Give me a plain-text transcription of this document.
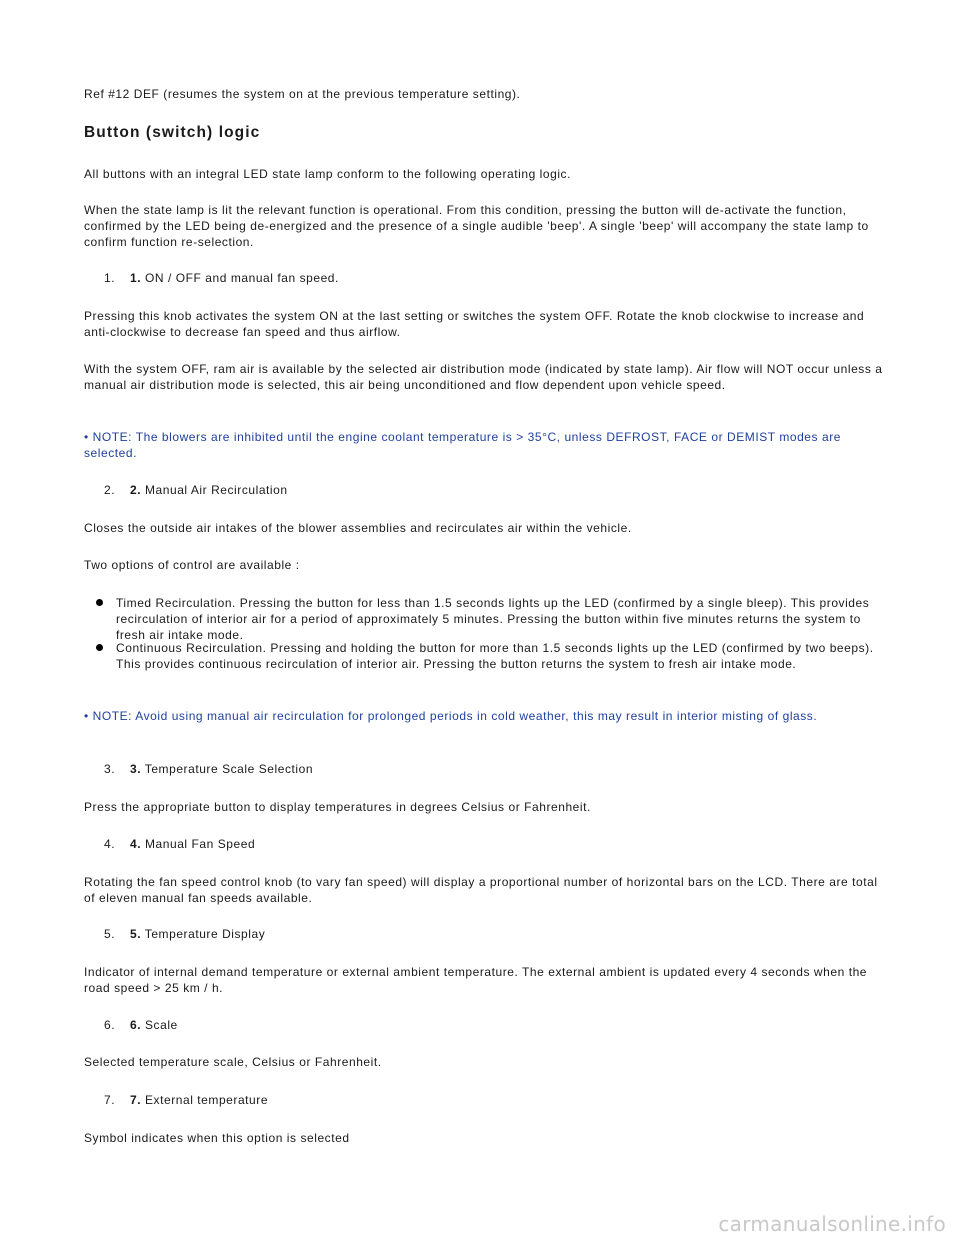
Ref #12 DEF (resumes the system on at the previous temperature setting).

Button (switch) logic

All buttons with an integral LED state lamp conform to the following operating logic.

When the state lamp is lit the relevant function is operational. From this condition, pressing the button will de-activate the function, confirmed by the LED being de-energized and the presence of a single audible 'beep'. A single 'beep' will accompany the state lamp to confirm function re-selection.

1. 1. ON / OFF and manual fan speed.

Pressing this knob activates the system ON at the last setting or switches the system OFF. Rotate the knob clockwise to increase and anti-clockwise to decrease fan speed and thus airflow.

With the system OFF, ram air is available by the selected air distribution mode (indicated by state lamp). Air flow will NOT occur unless a manual air distribution mode is selected, this air being unconditioned and flow dependent upon vehicle speed.

• NOTE: The blowers are inhibited until the engine coolant temperature is > 35°C, unless DEFROST, FACE or DEMIST modes are selected.

2. 2. Manual Air Recirculation

Closes the outside air intakes of the blower assemblies and recirculates air within the vehicle.

Two options of control are available :

Timed Recirculation. Pressing the button for less than 1.5 seconds lights up the LED (confirmed by a single bleep). This provides recirculation of interior air for a period of approximately 5 minutes. Pressing the button within five minutes returns the system to fresh air intake mode.
Continuous Recirculation. Pressing and holding the button for more than 1.5 seconds lights up the LED (confirmed by two beeps). This provides continuous recirculation of interior air. Pressing the button returns the system to fresh air intake mode.

• NOTE: Avoid using manual air recirculation for prolonged periods in cold weather, this may result in interior misting of glass.

3. 3. Temperature Scale Selection

Press the appropriate button to display temperatures in degrees Celsius or Fahrenheit.

4. 4. Manual Fan Speed

Rotating the fan speed control knob (to vary fan speed) will display a proportional number of horizontal bars on the LCD. There are total of eleven manual fan speeds available.

5. 5. Temperature Display

Indicator of internal demand temperature or external ambient temperature. The external ambient is updated every 4 seconds when the road speed > 25 km / h.

6. 6. Scale

Selected temperature scale, Celsius or Fahrenheit.

7. 7. External temperature

Symbol indicates when this option is selected

carmanualsonline.info
